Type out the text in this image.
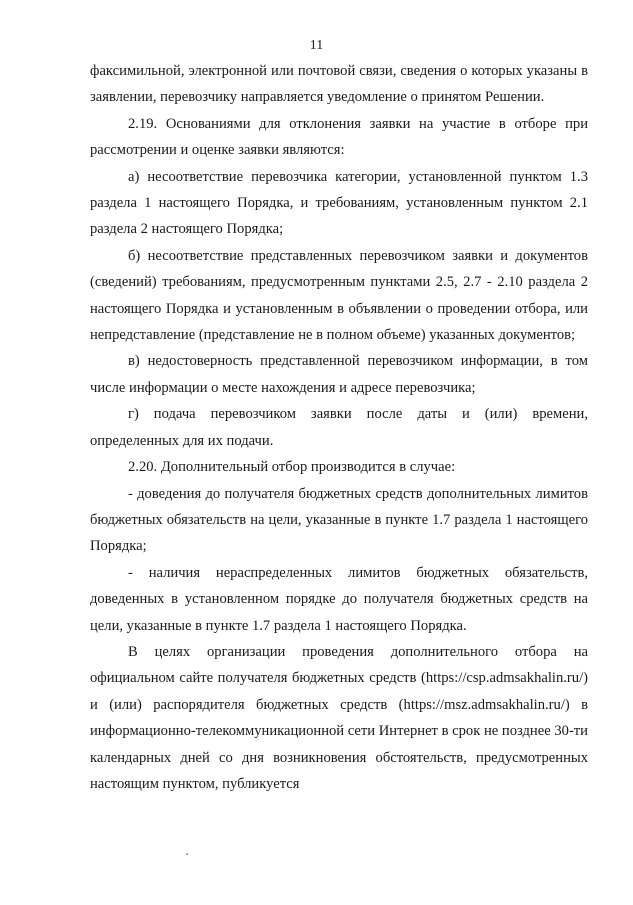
11

факсимильной, электронной или почтовой связи, сведения о которых указаны в заявлении, перевозчику направляется уведомление о принятом Решении.

2.19. Основаниями для отклонения заявки на участие в отборе при рассмотрении и оценке заявки являются:

а) несоответствие перевозчика категории, установленной пунктом 1.3 раздела 1 настоящего Порядка, и требованиям, установленным пунктом 2.1 раздела 2 настоящего Порядка;

б) несоответствие представленных перевозчиком заявки и документов (сведений) требованиям, предусмотренным пунктами 2.5, 2.7 - 2.10 раздела 2 настоящего Порядка и установленным в объявлении о проведении отбора, или непредставление (представление не в полном объеме) указанных документов;

в) недостоверность представленной перевозчиком информации, в том числе информации о месте нахождения и адресе перевозчика;

г) подача перевозчиком заявки после даты и (или) времени, определенных для их подачи.

2.20. Дополнительный отбор производится в случае:

- доведения до получателя бюджетных средств дополнительных лимитов бюджетных обязательств на цели, указанные в пункте 1.7 раздела 1 настоящего Порядка;

- наличия нераспределенных лимитов бюджетных обязательств, доведенных в установленном порядке до получателя бюджетных средств на цели, указанные в пункте 1.7 раздела 1 настоящего Порядка.

В целях организации проведения дополнительного отбора на официальном сайте получателя бюджетных средств (https://csp.admsakhalin.ru/) и (или) распорядителя бюджетных средств (https://msz.admsakhalin.ru/) в информационно-телекоммуникационной сети Интернет в срок не позднее 30-ти календарных дней со дня возникновения обстоятельств, предусмотренных настоящим пунктом, публикуется
